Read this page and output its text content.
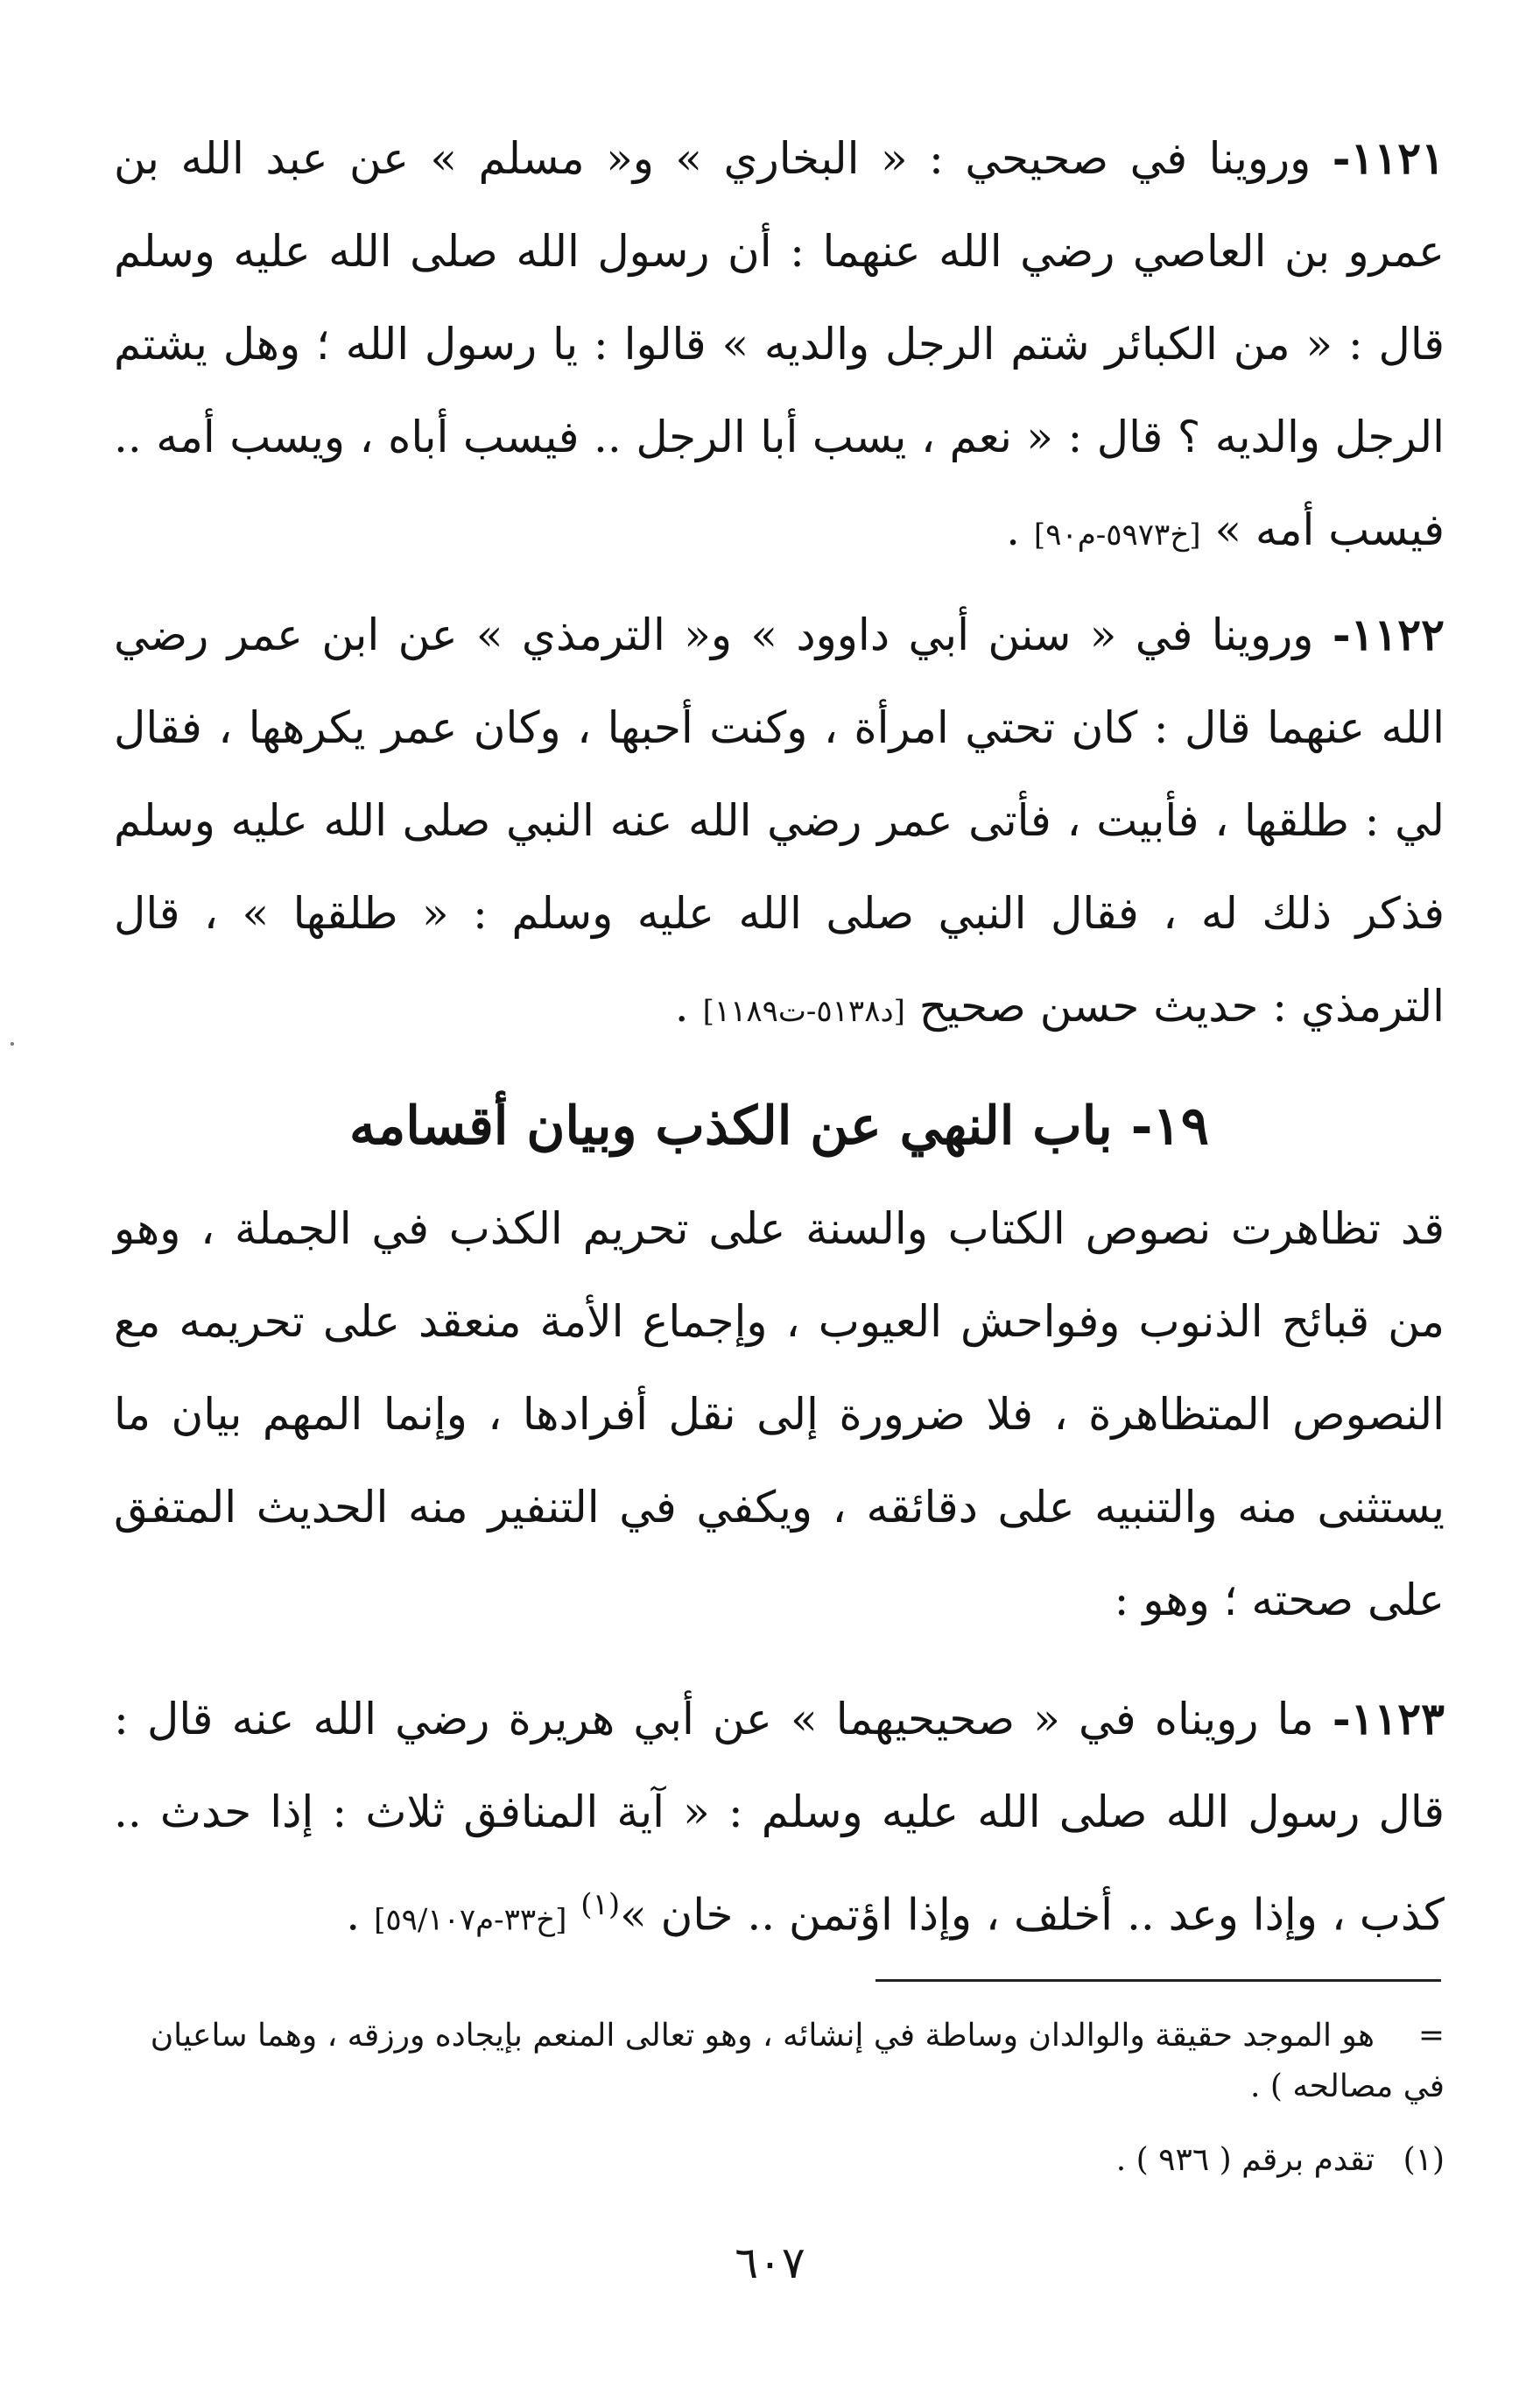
١١٢١- وروينا في صحيحي : « البخاري » و« مسلم » عن عبد الله بن عمرو بن العاصي رضي الله عنهما : أن رسول الله صلى الله عليه وسلم قال : « من الكبائر شتم الرجل والديه » قالوا : يا رسول الله ؛ وهل يشتم الرجل والديه ؟ قال : « نعم ، يسب أبا الرجل .. فيسب أباه ، ويسب أمه .. فيسب أمه » [خ٥٩٧٣-م٩٠] .

١١٢٢- وروينا في « سنن أبي داوود » و« الترمذي » عن ابن عمر رضي الله عنهما قال : كان تحتي امرأة ، وكنت أحبها ، وكان عمر يكرهها ، فقال لي : طلقها ، فأبيت ، فأتى عمر رضي الله عنه النبي صلى الله عليه وسلم فذكر ذلك له ، فقال النبي صلى الله عليه وسلم : « طلقها » ، قال الترمذي : حديث حسن صحيح [د٥١٣٨-ت١١٨٩] .

١٩- باب النهي عن الكذب وبيان أقسامه

قد تظاهرت نصوص الكتاب والسنة على تحريم الكذب في الجملة ، وهو من قبائح الذنوب وفواحش العيوب ، وإجماع الأمة منعقد على تحريمه مع النصوص المتظاهرة ، فلا ضرورة إلى نقل أفرادها ، وإنما المهم بيان ما يستثنى منه والتنبيه على دقائقه ، ويكفي في التنفير منه الحديث المتفق على صحته ؛ وهو :

١١٢٣- ما رويناه في « صحيحيهما » عن أبي هريرة رضي الله عنه قال : قال رسول الله صلى الله عليه وسلم : « آية المنافق ثلاث : إذا حدث .. كذب ، وإذا وعد .. أخلف ، وإذا اؤتمن .. خان »$^{(١)}$ [خ٣٣-م٥٩/١٠٧] .

=هو الموجد حقيقة والوالدان وساطة في إنشائه ، وهو تعالى المنعم بإيجاده ورزقه ، وهما ساعيان في مصالحه ) .

(١)تقدم برقم ( ٩٣٦ ) .

٦٠٧
